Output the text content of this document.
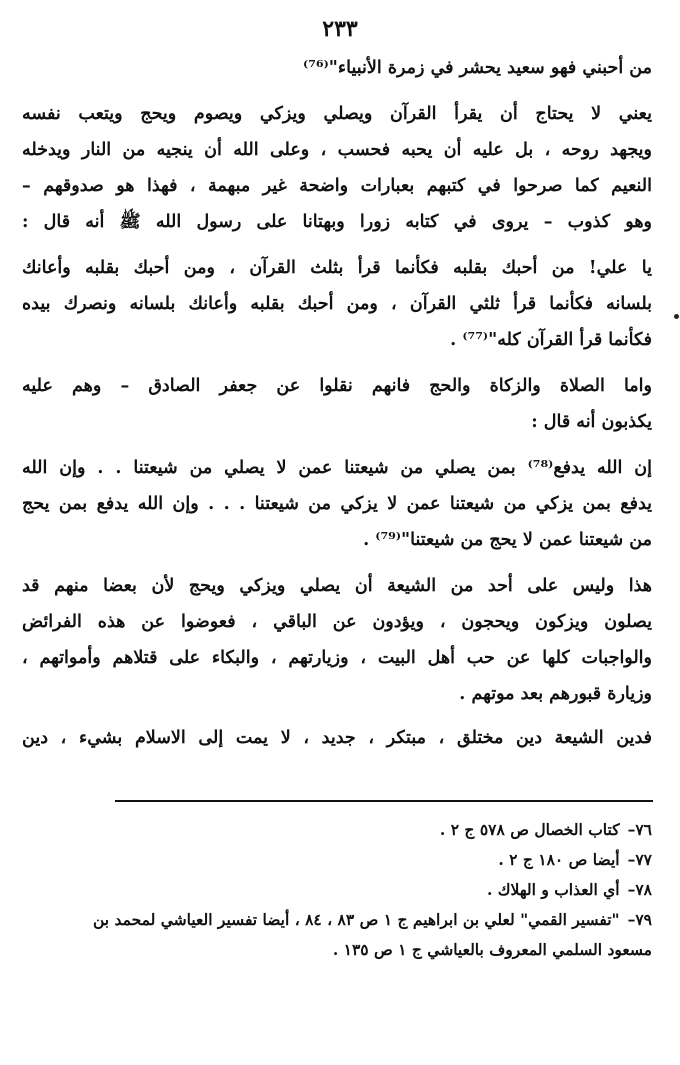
٢٣٣

من أحبني فهو سعيد يحشر في زمرة الأنبياء"⁽⁷⁶⁾

يعني لا يحتاج أن يقرأ القرآن ويصلي ويزكي ويصوم ويحج ويتعب نفسه
ويجهد روحه ، بل عليه أن يحبه فحسب ، وعلى الله أن ينجيه من النار ويدخله
النعيم كما صرحوا في كتبهم بعبارات واضحة غير مبهمة ، فهذا هو صدوقهم –
وهو كذوب – يروى في كتابه زورا وبهتانا على رسول الله ﷺ أنه قال :

يا علي! من أحبك بقلبه فكأنما قرأ بثلث القرآن ، ومن أحبك بقلبه وأعانك
بلسانه فكأنما قرأ ثلثي القرآن ، ومن أحبك بقلبه وأعانك بلسانه ونصرك بيده
فكأنما قرأ القرآن كله"⁽⁷⁷⁾ .

واما الصلاة والزكاة والحج فانهم نقلوا عن جعفر الصادق – وهم عليه
يكذبون أنه قال :

إن الله يدفع⁽⁷⁸⁾ بمن يصلي من شيعتنا عمن لا يصلي من شيعتنا . . وإن الله
يدفع بمن يزكي من شيعتنا عمن لا يزكي من شيعتنا . . . وإن الله يدفع بمن يحج
من شيعتنا عمن لا يحج من شيعتنا"⁽⁷⁹⁾ .

هذا وليس على أحد من الشيعة أن يصلي ويزكي ويحج لأن بعضا منهم قد
يصلون ويزكون ويحجون ، ويؤدون عن الباقي ، فعوضوا عن هذه الفرائض
والواجبات كلها عن حب أهل البيت ، وزيارتهم ، والبكاء على قتلاهم وأمواتهم ،
وزيارة قبورهم بعد موتهم .

فدين الشيعة دين مختلق ، مبتكر ، جديد ، لا يمت إلى الاسلام بشيء ، دين

٧٦–كتاب الخصال ص ٥٧٨ ج ٢ .
٧٧–أيضا ص ١٨٠ ج ٢ .
٧٨–أي العذاب و الهلاك .
٧٩–"تفسير القمي" لعلي بن ابراهيم ج ١ ص ٨٣ ، ٨٤ ، أيضا تفسير العياشي لمحمد بن
مسعود السلمي المعروف بالعياشي ج ١ ص ١٣٥ .
